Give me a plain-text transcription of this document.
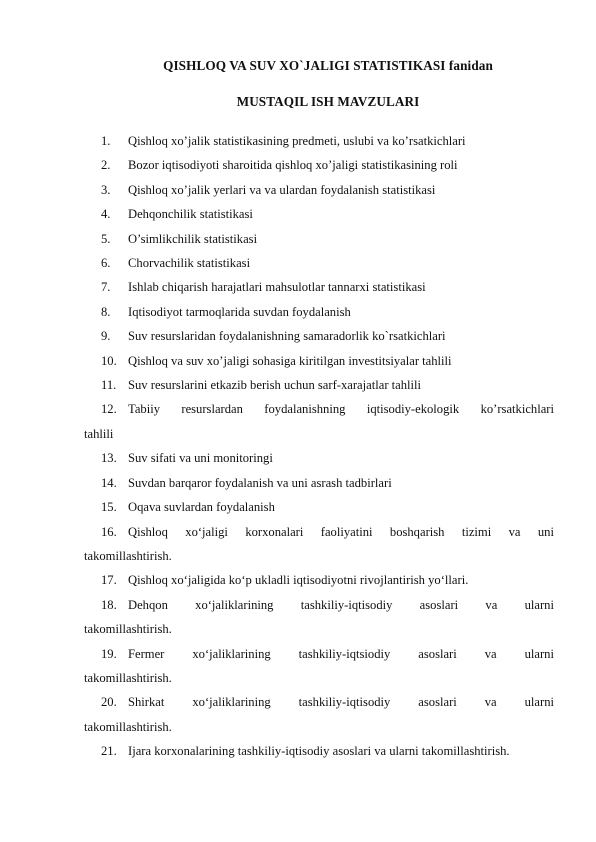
QISHLOQ VA SUV XO`JALIGI STATISTIKASI fanidan
MUSTAQIL ISH MAVZULARI
1. Qishloq xo’jalik statistikasining predmeti, uslubi va ko’rsatkichlari
2. Bozor iqtisodiyoti sharoitida qishloq xo’jaligi statistikasining roli
3. Qishloq xo’jalik yerlari va va ulardan foydalanish statistikasi
4. Dehqonchilik statistikasi
5. O’simlikchilik statistikasi
6. Chorvachilik statistikasi
7. Ishlab chiqarish harajatlari mahsulotlar tannarxi statistikasi
8. Iqtisodiyot tarmoqlarida suvdan foydalanish
9. Suv resurslaridan foydalanishning samaradorlik ko`rsatkichlari
10. Qishloq va suv xo’jaligi sohasiga kiritilgan investitsiyalar tahlili
11. Suv resurslarini etkazib berish uchun sarf-xarajatlar tahlili
12. Tabiiy resurslardan foydalanishning iqtisodiy-ekologik ko’rsatkichlari
tahlili
13. Suv sifati va uni monitoringi
14. Suvdan barqaror foydalanish va uni asrash tadbirlari
15. Oqava suvlardan foydalanish
16. Qishloq xo‘jaligi korxonalari faoliyatini boshqarish tizimi va uni
takomillashtirish.
17. Qishloq xo‘jaligida ko‘p ukladli iqtisodiyotni rivojlantirish yo‘llari.
18. Dehqon xo‘jaliklarining tashkiliy-iqtisodiy asoslari va ularni
takomillashtirish.
19. Fermer xo‘jaliklarining tashkiliy-iqtsiodiy asoslari va ularni
takomillashtirish.
20. Shirkat xo‘jaliklarining tashkiliy-iqtisodiy asoslari va ularni
takomillashtirish.
21. Ijara korxonalarining tashkiliy-iqtisodiy asoslari va ularni takomillashtirish.
